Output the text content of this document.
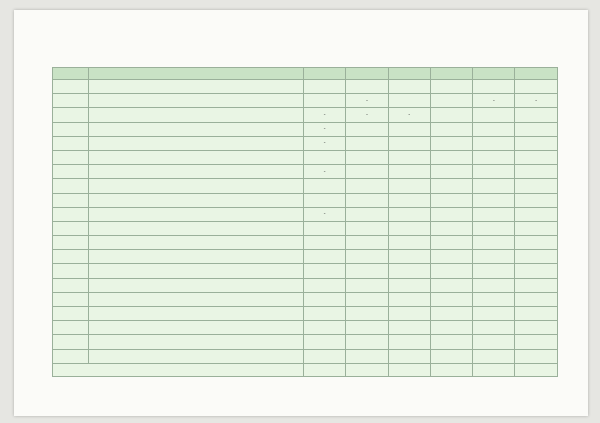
			-			-	-
		-	-	-			
		-					
		-					

		-					

		-					
